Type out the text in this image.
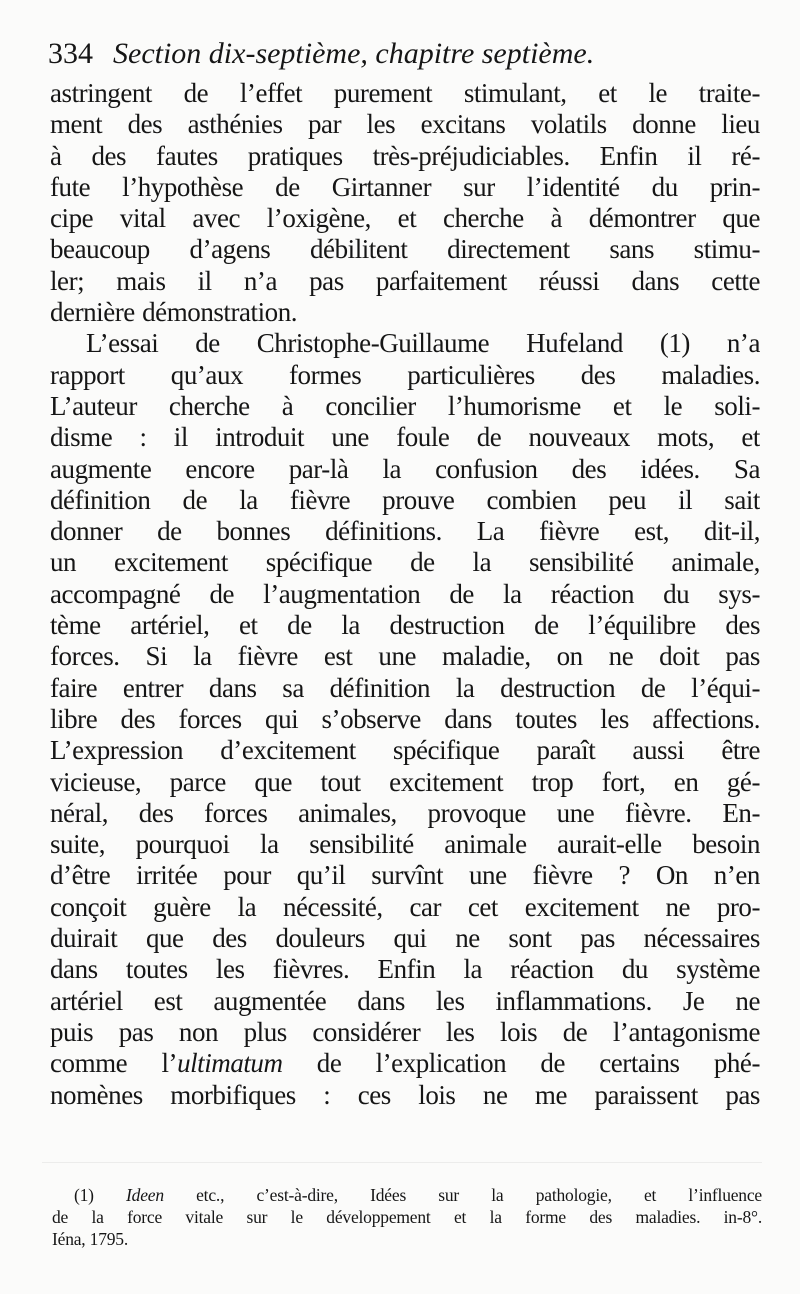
334 Section dix-septième, chapitre septième.
astringent de l’effet purement stimulant, et le traite-
ment des asthénies par les excitans volatils donne lieu
à des fautes pratiques très-préjudiciables. Enfin il ré-
fute l’hypothèse de Girtanner sur l’identité du prin-
cipe vital avec l’oxigène, et cherche à démontrer que
beaucoup d’agens débilitent directement sans stimu-
ler; mais il n’a pas parfaitement réussi dans cette
dernière démonstration.
L’essai de Christophe-Guillaume Hufeland (1) n’a
rapport qu’aux formes particulières des maladies.
L’auteur cherche à concilier l’humorisme et le soli-
disme : il introduit une foule de nouveaux mots, et
augmente encore par-là la confusion des idées. Sa
définition de la fièvre prouve combien peu il sait
donner de bonnes définitions. La fièvre est, dit-il,
un excitement spécifique de la sensibilité animale,
accompagné de l’augmentation de la réaction du sys-
tème artériel, et de la destruction de l’équilibre des
forces. Si la fièvre est une maladie, on ne doit pas
faire entrer dans sa définition la destruction de l’équi-
libre des forces qui s’observe dans toutes les affections.
L’expression d’excitement spécifique paraît aussi être
vicieuse, parce que tout excitement trop fort, en gé-
néral, des forces animales, provoque une fièvre. En-
suite, pourquoi la sensibilité animale aurait-elle besoin
d’être irritée pour qu’il survînt une fièvre ? On n’en
conçoit guère la nécessité, car cet excitement ne pro-
duirait que des douleurs qui ne sont pas nécessaires
dans toutes les fièvres. Enfin la réaction du système
artériel est augmentée dans les inflammations. Je ne
puis pas non plus considérer les lois de l’antagonisme
comme l’ultimatum de l’explication de certains phé-
nomènes morbifiques : ces lois ne me paraissent pas
(1) Ideen etc., c’est-à-dire, Idées sur la pathologie, et l’influence
de la force vitale sur le développement et la forme des maladies. in-8°.
Iéna, 1795.
